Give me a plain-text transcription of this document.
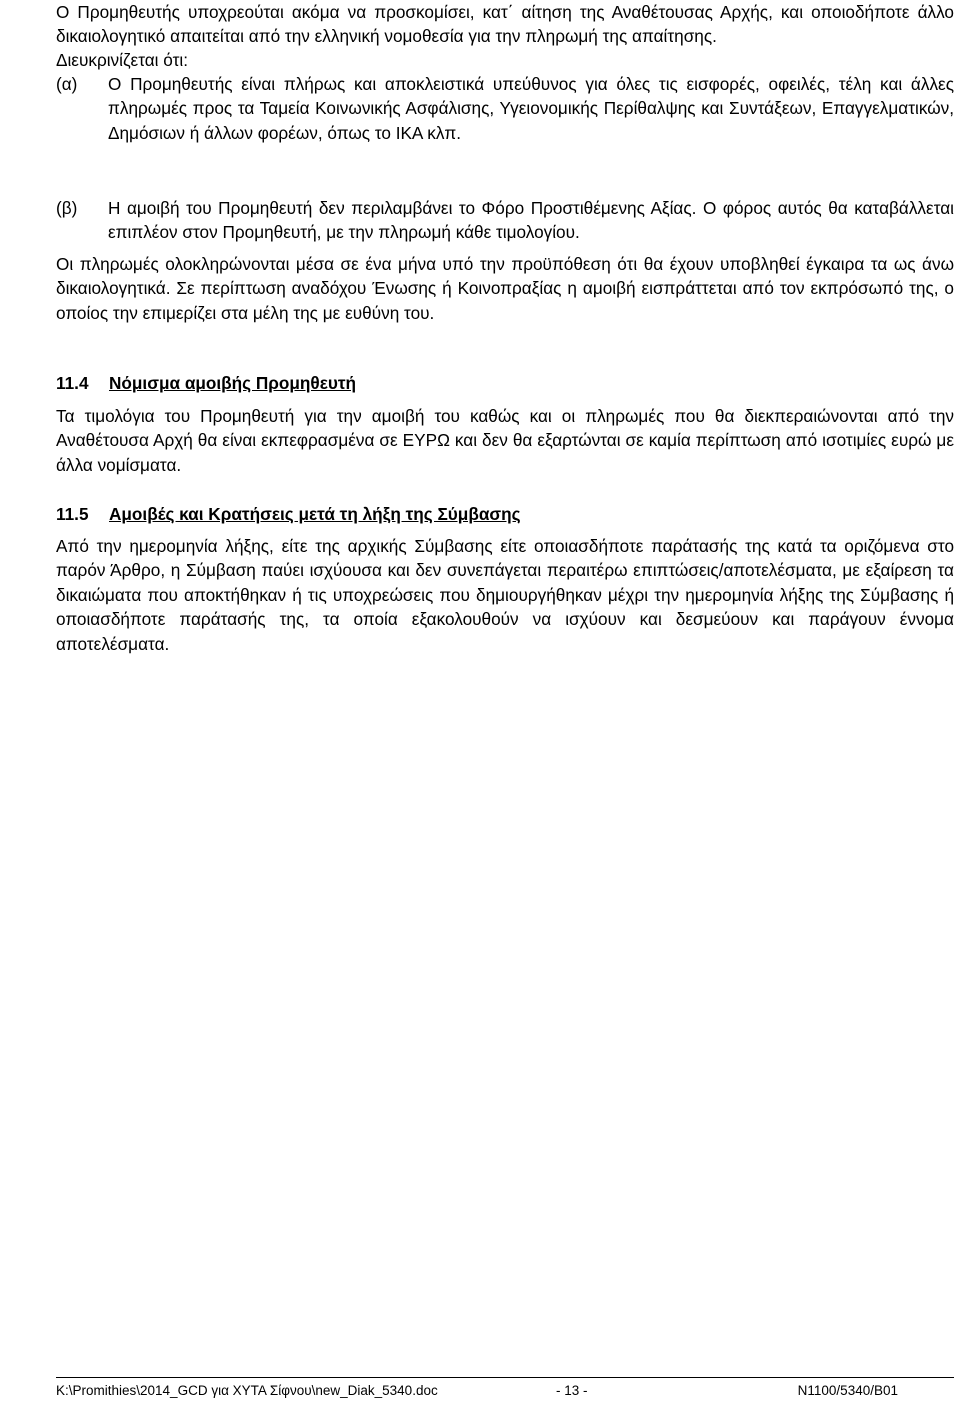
Ο Προμηθευτής υποχρεούται ακόμα να προσκομίσει, κατ΄ αίτηση της Αναθέτουσας Αρχής, και οποιοδήποτε άλλο δικαιολογητικό απαιτείται από την ελληνική νομοθεσία για την πληρωμή της απαίτησης.

Διευκρινίζεται ότι:

(α)	Ο Προμηθευτής είναι πλήρως και αποκλειστικά υπεύθυνος για όλες τις εισφορές, οφειλές, τέλη και άλλες πληρωμές προς τα Ταμεία Κοινωνικής Ασφάλισης, Υγειονομικής Περίθαλψης και Συντάξεων, Επαγγελματικών, Δημόσιων ή άλλων φορέων, όπως το ΙΚΑ κλπ.
(β)	Η αμοιβή του Προμηθευτή δεν περιλαμβάνει το Φόρο Προστιθέμενης Αξίας. Ο φόρος αυτός θα καταβάλλεται επιπλέον στον Προμηθευτή, με την πληρωμή κάθε τιμολογίου.

Οι πληρωμές ολοκληρώνονται μέσα σε ένα μήνα υπό την προϋπόθεση ότι θα έχουν υποβληθεί έγκαιρα τα ως άνω δικαιολογητικά. Σε περίπτωση αναδόχου Ένωσης ή Κοινοπραξίας η αμοιβή εισπράττεται από τον εκπρόσωπό της, ο οποίος την επιμερίζει στα μέλη της με ευθύνη του.

11.4 Νόμισμα αμοιβής Προμηθευτή

Τα τιμολόγια του Προμηθευτή για την αμοιβή του καθώς και οι πληρωμές που θα διεκπεραιώνονται από την Αναθέτουσα Αρχή θα είναι εκπεφρασμένα σε ΕΥΡΩ και δεν θα εξαρτώνται σε καμία περίπτωση από ισοτιμίες ευρώ με άλλα νομίσματα.

11.5 Αμοιβές και Κρατήσεις μετά τη λήξη της Σύμβασης

Από την ημερομηνία λήξης, είτε της αρχικής Σύμβασης είτε οποιασδήποτε παράτασής της κατά τα οριζόμενα στο παρόν Άρθρο, η Σύμβαση παύει ισχύουσα και δεν συνεπάγεται περαιτέρω επιπτώσεις/αποτελέσματα, με εξαίρεση τα δικαιώματα που αποκτήθηκαν ή τις υποχρεώσεις που δημιουργήθηκαν μέχρι την ημερομηνία λήξης της Σύμβασης ή οποιασδήποτε παράτασής της, τα οποία εξακολουθούν να ισχύουν και δεσμεύουν και παράγουν έννομα αποτελέσματα.

K:\Promithies\2014_GCD για ΧΥΤΑ Σίφνου\new_Diak_5340.doc	- 13 -	N1100/5340/B01
